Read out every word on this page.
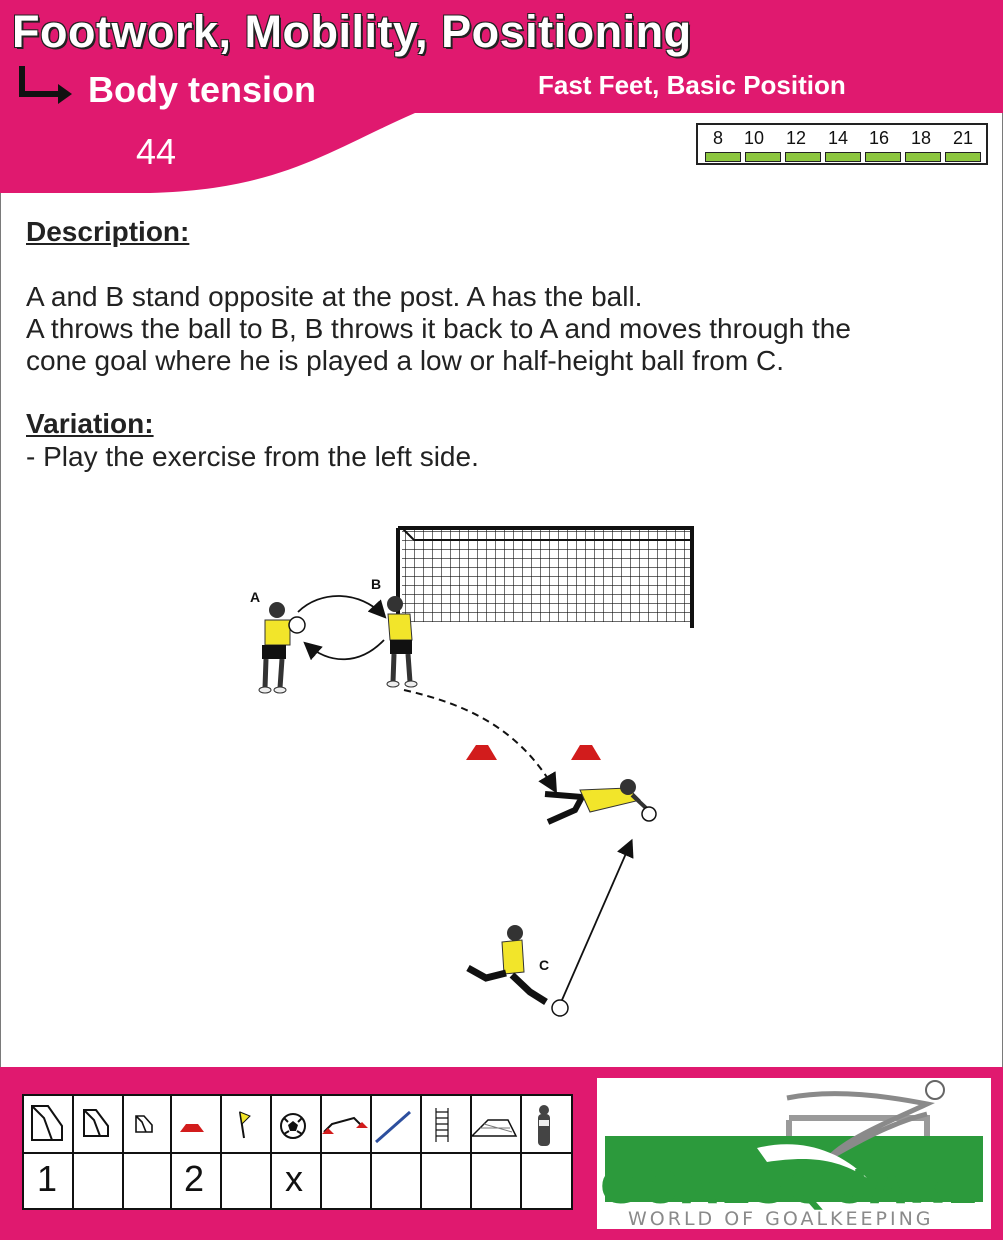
Footwork, Mobility, Positioning
Body tension	Fast Feet, Basic Position
44	8 10 12 14 16 18 21
Description:
A and B stand opposite at the post. A has the ball.
A throws the ball to B, B throws it back to A and moves through the
cone goal where he is played a low or half-height ball from C.
Variation:
- Play the exercise from the left side.
A
B
C
1	2	x	GOALSQUARE
WORLD OF GOALKEEPING
